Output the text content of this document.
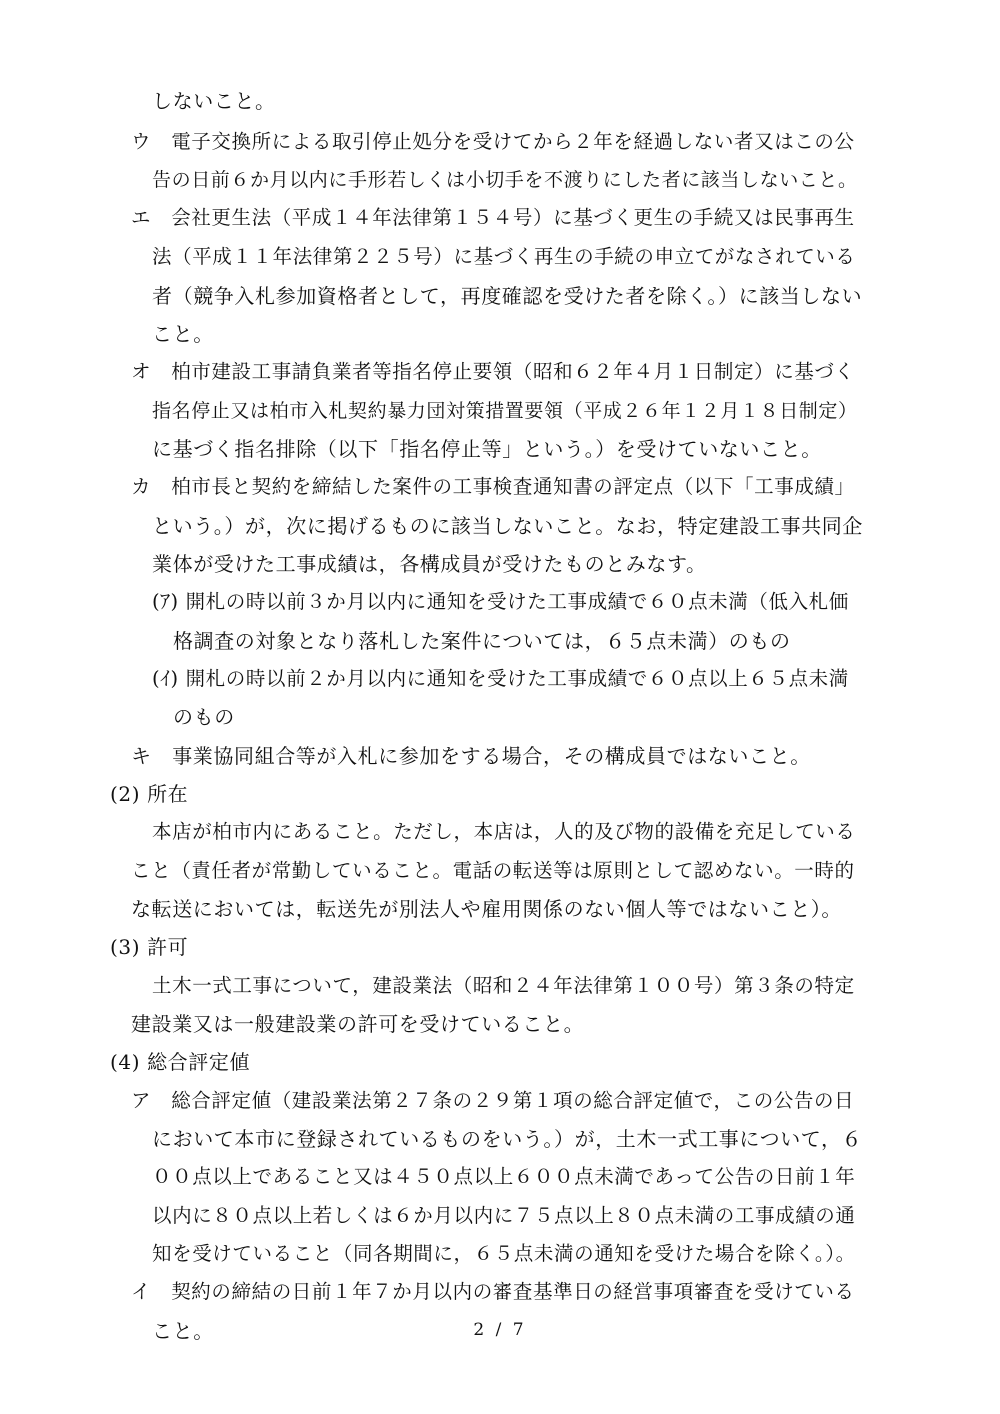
しないこと。
ウ　電子交換所による取引停止処分を受けてから２年を経過しない者又はこの公
告の日前６か月以内に手形若しくは小切手を不渡りにした者に該当しないこと。
エ　会社更生法（平成１４年法律第１５４号）に基づく更生の手続又は民事再生
法（平成１１年法律第２２５号）に基づく再生の手続の申立てがなされている
者（競争入札参加資格者として，再度確認を受けた者を除く。）に該当しない
こと。
オ　柏市建設工事請負業者等指名停止要領（昭和６２年４月１日制定）に基づく
指名停止又は柏市入札契約暴力団対策措置要領（平成２６年１２月１８日制定）
に基づく指名排除（以下「指名停止等」という。）を受けていないこと。
カ　柏市長と契約を締結した案件の工事検査通知書の評定点（以下「工事成績」
という。）が，次に掲げるものに該当しないこと。なお，特定建設工事共同企
業体が受けた工事成績は，各構成員が受けたものとみなす。
(ｱ) 開札の時以前３か月以内に通知を受けた工事成績で６０点未満（低入札価
格調査の対象となり落札した案件については，６５点未満）のもの
(ｲ) 開札の時以前２か月以内に通知を受けた工事成績で６０点以上６５点未満
のもの
キ　事業協同組合等が入札に参加をする場合，その構成員ではないこと。
(2) 所在
本店が柏市内にあること。ただし，本店は，人的及び物的設備を充足している
こと（責任者が常勤していること。電話の転送等は原則として認めない。一時的
な転送においては，転送先が別法人や雇用関係のない個人等ではないこと）。
(3) 許可
土木一式工事について，建設業法（昭和２４年法律第１００号）第３条の特定
建設業又は一般建設業の許可を受けていること。
(4) 総合評定値
ア　総合評定値（建設業法第２７条の２９第１項の総合評定値で，この公告の日
において本市に登録されているものをいう。）が，土木一式工事について，６
００点以上であること又は４５０点以上６００点未満であって公告の日前１年
以内に８０点以上若しくは６か月以内に７５点以上８０点未満の工事成績の通
知を受けていること（同各期間に，６５点未満の通知を受けた場合を除く。）。
イ　契約の締結の日前１年７か月以内の審査基準日の経営事項審査を受けている
こと。	2 / 7
